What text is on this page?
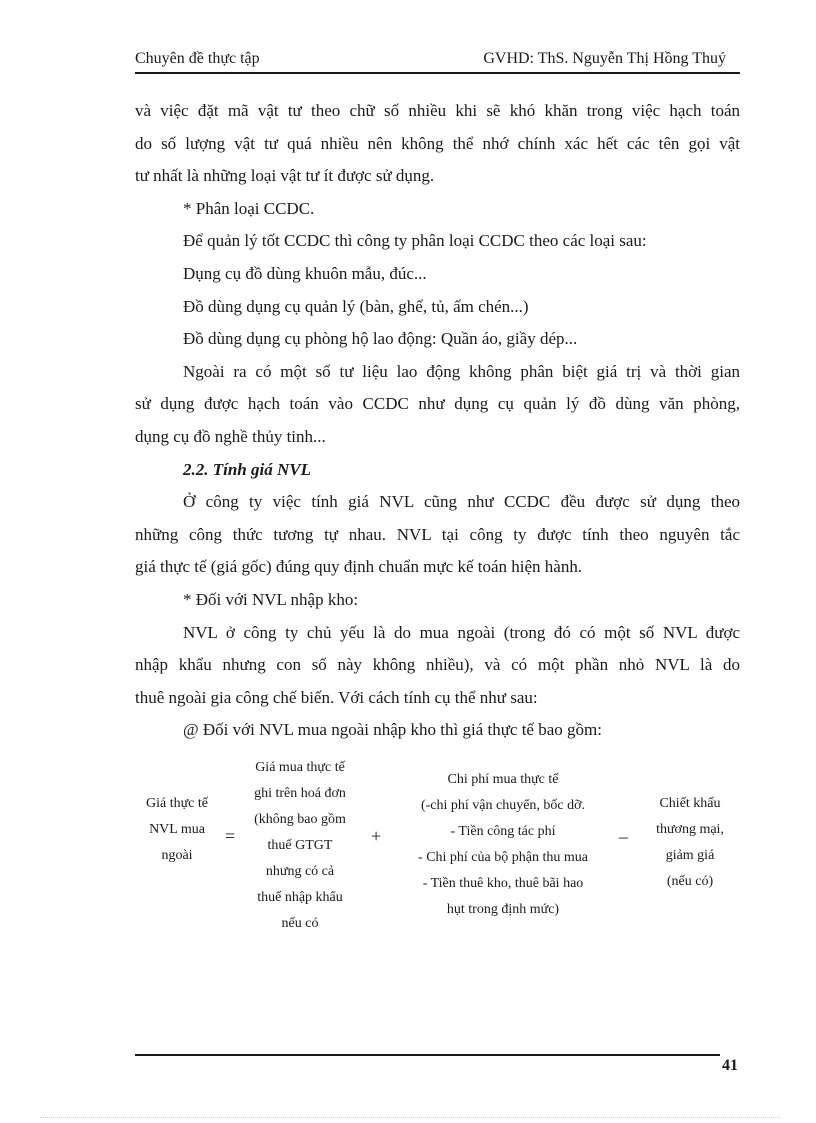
Chuyên đề thực tập	GVHD: ThS. Nguyễn Thị Hồng Thuý

và việc đặt mã vật tư theo chữ số nhiều khi sẽ khó khăn trong việc hạch toán

do số lượng vật tư quá nhiều nên không thể nhớ chính xác hết các tên gọi vật

tư nhất là những loại vật tư ít được sử dụng.

* Phân loại CCDC.

Để quản lý tốt CCDC thì công ty phân loại CCDC theo các loại sau:

Dụng cụ đồ dùng khuôn mẫu, đúc...

Đồ dùng dụng cụ quản lý (bàn, ghế, tủ, ấm chén...)

Đồ dùng dụng cụ phòng hộ lao động: Quần áo, giầy dép...

Ngoài ra có một số tư liệu lao động không phân biệt giá trị và thời gian

sử dụng được hạch toán vào CCDC như dụng cụ quản lý đồ dùng văn phòng,

dụng cụ đồ nghề thủy tinh...

2.2. Tính giá NVL

Ở công ty việc tính giá NVL cũng như CCDC đều được sử dụng theo

những công thức tương tự nhau. NVL tại công ty được tính theo nguyên tắc

giá thực tế (giá gốc) đúng quy định chuẩn mực kế toán hiện hành.

* Đối với NVL nhập kho:

NVL ở công ty chủ yếu là do mua ngoài (trong đó có một số NVL được

nhập khẩu nhưng con số này không nhiều), và có một phần nhỏ NVL là do

thuê ngoài gia công chế biến. Với cách tính cụ thể như sau:

@ Đối với NVL mua ngoài nhập kho thì giá thực tế bao gồm:

Giá thực tế
NVL mua
ngoài
=
Giá mua thực tế
ghi trên hoá đơn
(không bao gồm
thuế GTGT
nhưng có cả
thuế nhập khẩu
nếu có
+
Chi phí mua thực tế
(-chi phí vận chuyển, bốc dỡ.
- Tiền công tác phí
- Chi phí của bộ phận thu mua
- Tiền thuê kho, thuê bãi hao
hụt trong định mức)
_
Chiết khấu
thương mại,
giảm giá
(nếu có)
41
